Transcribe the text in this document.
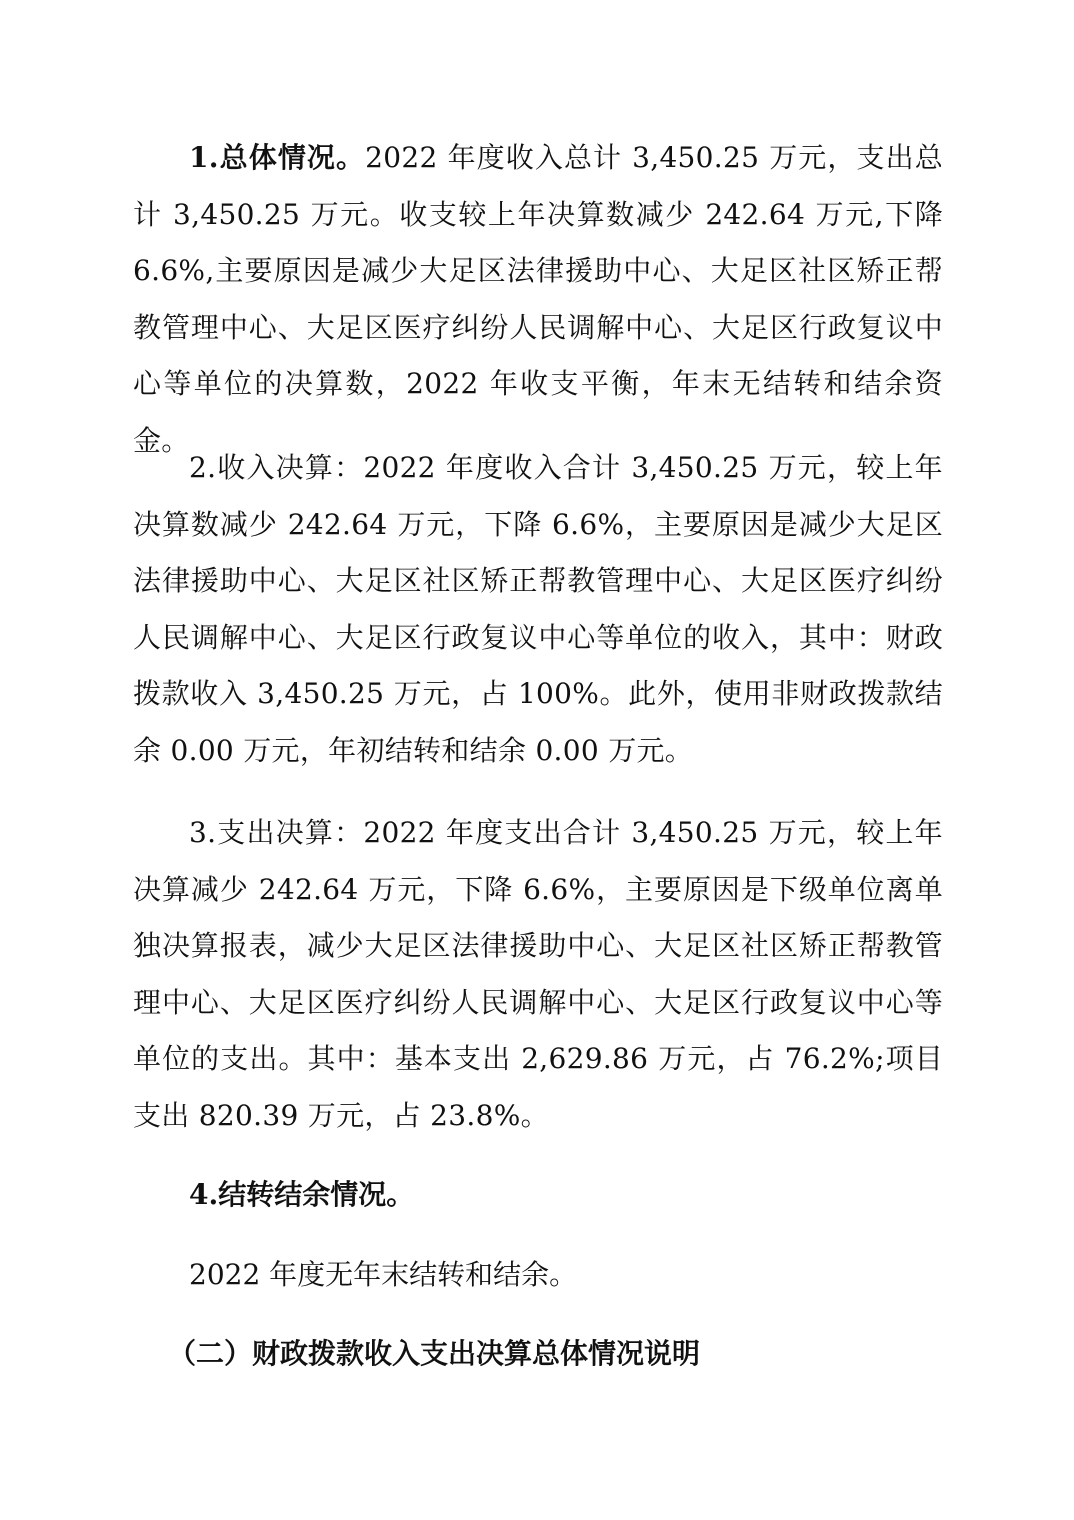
1.总体情况。2022 年度收入总计 3,450.25 万元，支出总计 3,450.25 万元。收支较上年决算数减少 242.64 万元,下降 6.6%,主要原因是减少大足区法律援助中心、大足区社区矫正帮教管理中心、大足区医疗纠纷人民调解中心、大足区行政复议中心等单位的决算数，2022 年收支平衡，年末无结转和结余资金。
2.收入决算：2022 年度收入合计 3,450.25 万元，较上年决算数减少 242.64 万元，下降 6.6%，主要原因是减少大足区法律援助中心、大足区社区矫正帮教管理中心、大足区医疗纠纷人民调解中心、大足区行政复议中心等单位的收入，其中：财政拨款收入 3,450.25 万元，占 100%。此外，使用非财政拨款结余 0.00 万元，年初结转和结余 0.00 万元。
3.支出决算：2022 年度支出合计 3,450.25 万元，较上年决算减少 242.64 万元，下降 6.6%，主要原因是下级单位离单独决算报表，减少大足区法律援助中心、大足区社区矫正帮教管理中心、大足区医疗纠纷人民调解中心、大足区行政复议中心等单位的支出。其中：基本支出 2,629.86 万元，占 76.2%;项目支出 820.39 万元，占 23.8%。
4.结转结余情况。
2022 年度无年末结转和结余。
（二）财政拨款收入支出决算总体情况说明
